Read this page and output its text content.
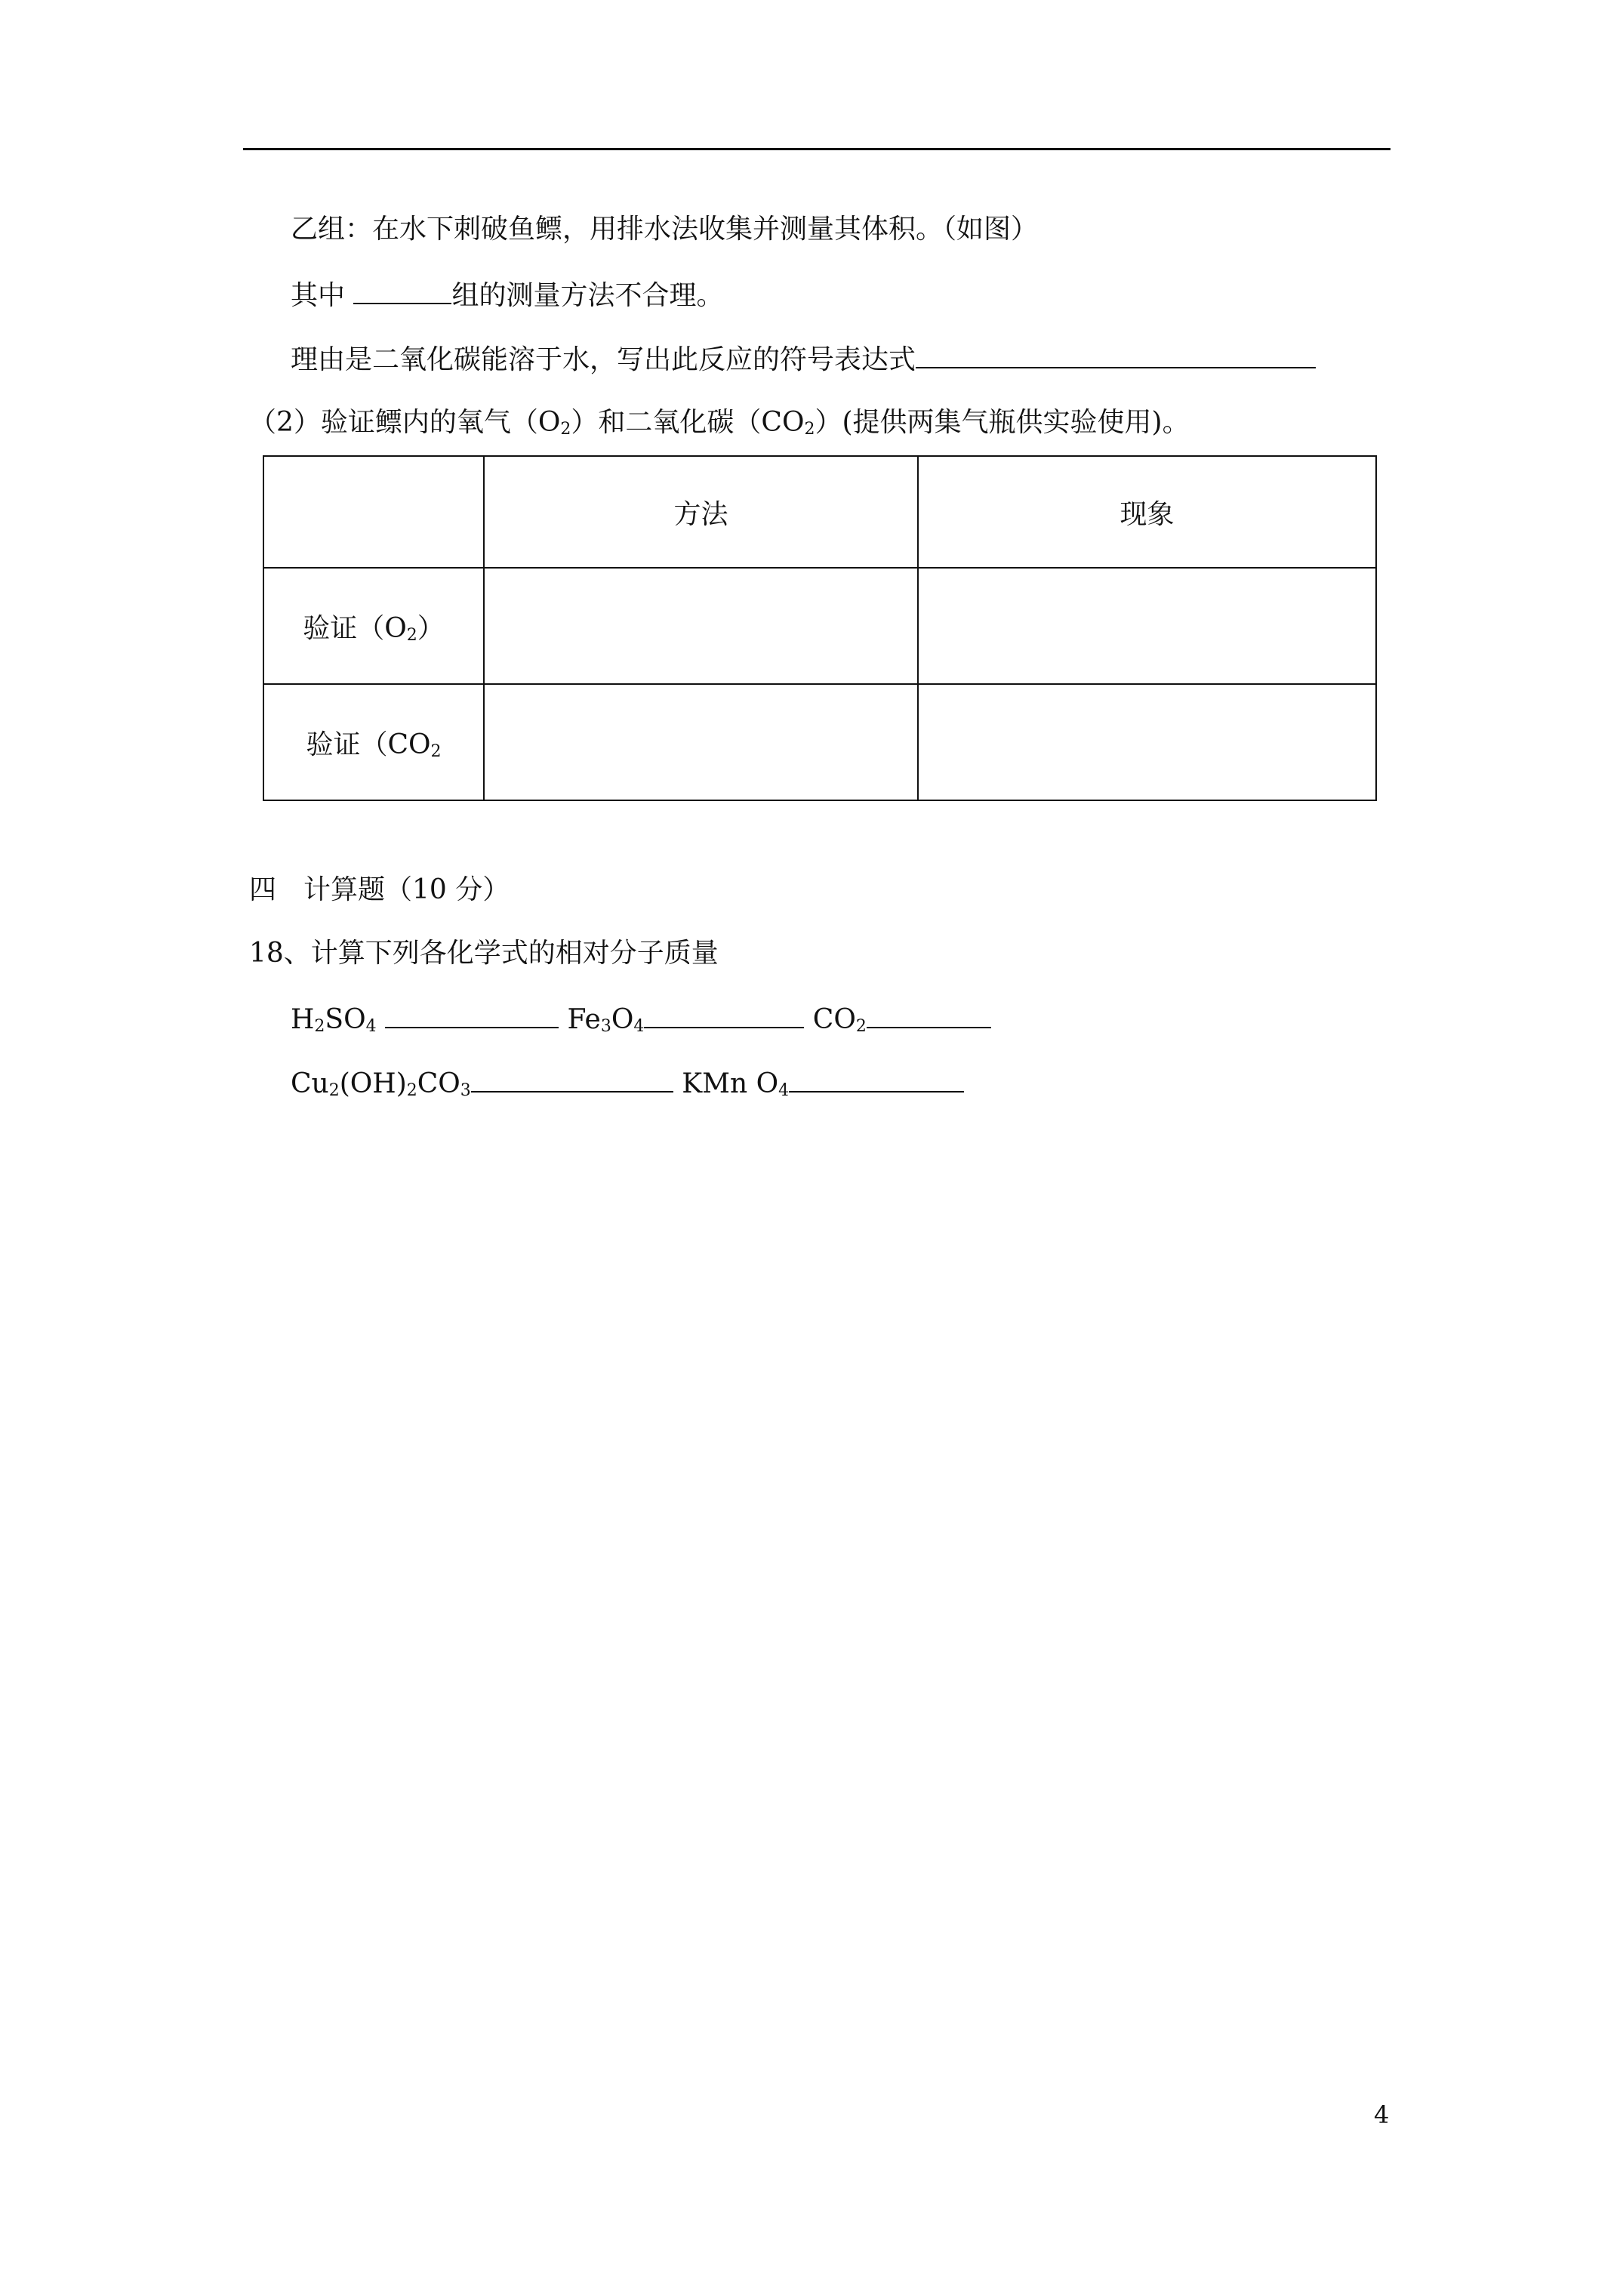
乙组：在水下刺破鱼鳔，用排水法收集并测量其体积。（如图）
其中	组的测量方法不合理。
理由是二氧化碳能溶于水，写出此反应的符号表达式
（2）验证鳔内的氧气$(O_2)$和二氧化碳$(CO_2)$(提供两集气瓶供实验使用)。
	方法	现象
验证$(O_2)$		
验证（$CO_2$		
四　计算题（10 分）
18、计算下列各化学式的相对分子质量
$H_2SO_4$	$Fe_3O_4$	$CO_2$
$Cu_2(OH)_2CO_3$	KMn $O_4$
4
